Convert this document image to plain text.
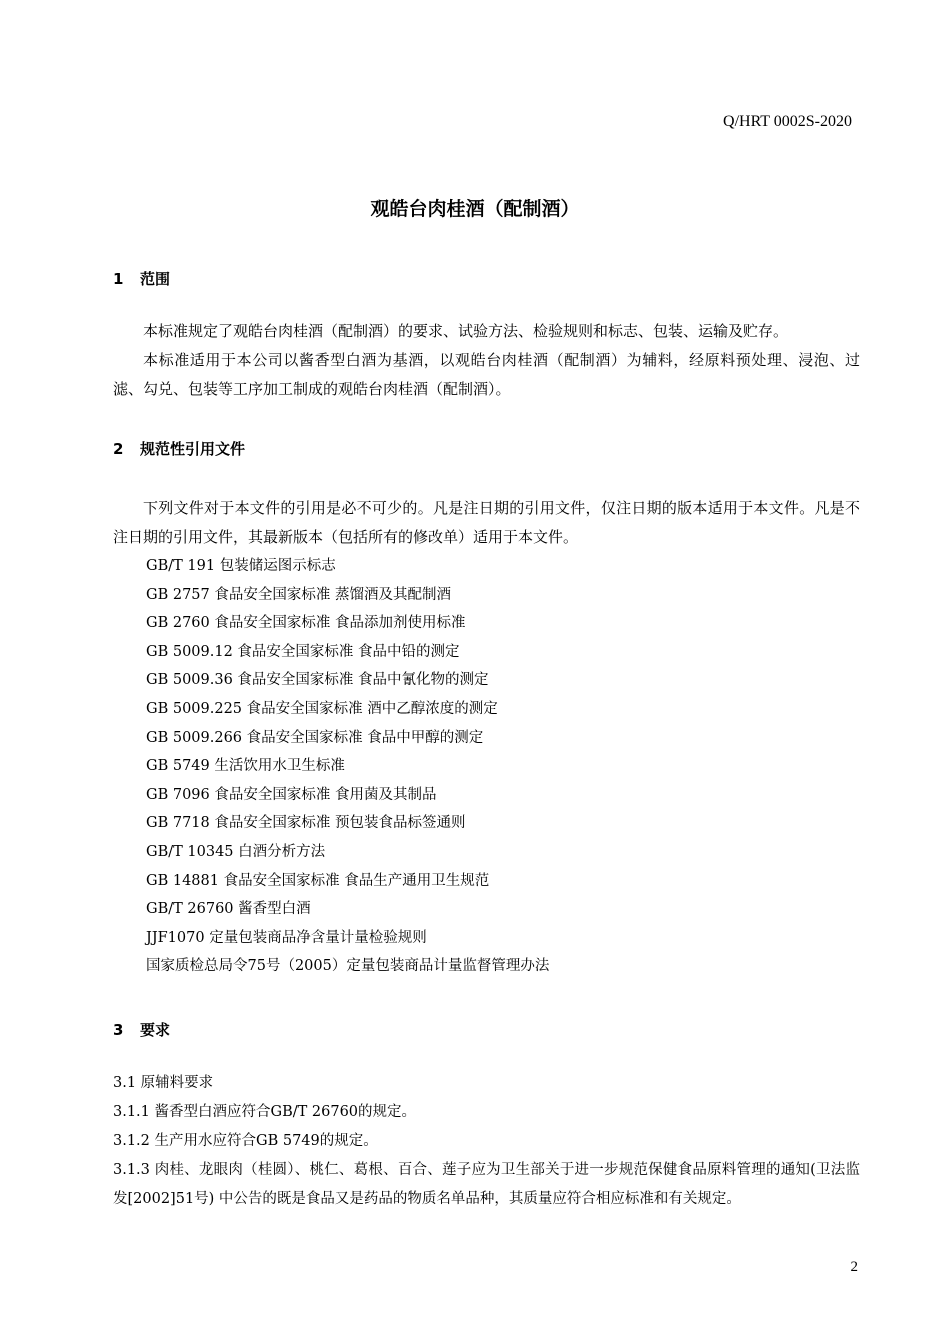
Q/HRT 0002S-2020
观皓台肉桂酒（配制酒）
1 范围

本标准规定了观皓台肉桂酒（配制酒）的要求、试验方法、检验规则和标志、包装、运输及贮存。

本标准适用于本公司以酱香型白酒为基酒，以观皓台肉桂酒（配制酒）为辅料，经原料预处理、浸泡、过滤、勾兑、包装等工序加工制成的观皓台肉桂酒（配制酒）。

2 规范性引用文件

下列文件对于本文件的引用是必不可少的。凡是注日期的引用文件，仅注日期的版本适用于本文件。凡是不注日期的引用文件，其最新版本（包括所有的修改单）适用于本文件。

GB/T 191 包装储运图示标志
GB 2757 食品安全国家标准 蒸馏酒及其配制酒
GB 2760 食品安全国家标准 食品添加剂使用标准
GB 5009.12 食品安全国家标准 食品中铅的测定
GB 5009.36 食品安全国家标准 食品中氰化物的测定
GB 5009.225 食品安全国家标准 酒中乙醇浓度的测定
GB 5009.266 食品安全国家标准 食品中甲醇的测定
GB 5749 生活饮用水卫生标准
GB 7096 食品安全国家标准 食用菌及其制品
GB 7718 食品安全国家标准 预包装食品标签通则
GB/T 10345 白酒分析方法
GB 14881 食品安全国家标准 食品生产通用卫生规范
GB/T 26760 酱香型白酒
JJF1070 定量包装商品净含量计量检验规则
国家质检总局令75号（2005）定量包装商品计量监督管理办法
3 要求

3.1 原辅料要求

3.1.1 酱香型白酒应符合GB/T 26760的规定。

3.1.2 生产用水应符合GB 5749的规定。

3.1.3 肉桂、龙眼肉（桂圆）、桃仁、葛根、百合、莲子应为卫生部关于进一步规范保健食品原料管理的通知(卫法监发[2002]51号) 中公告的既是食品又是药品的物质名单品种，其质量应符合相应标准和有关规定。

2
